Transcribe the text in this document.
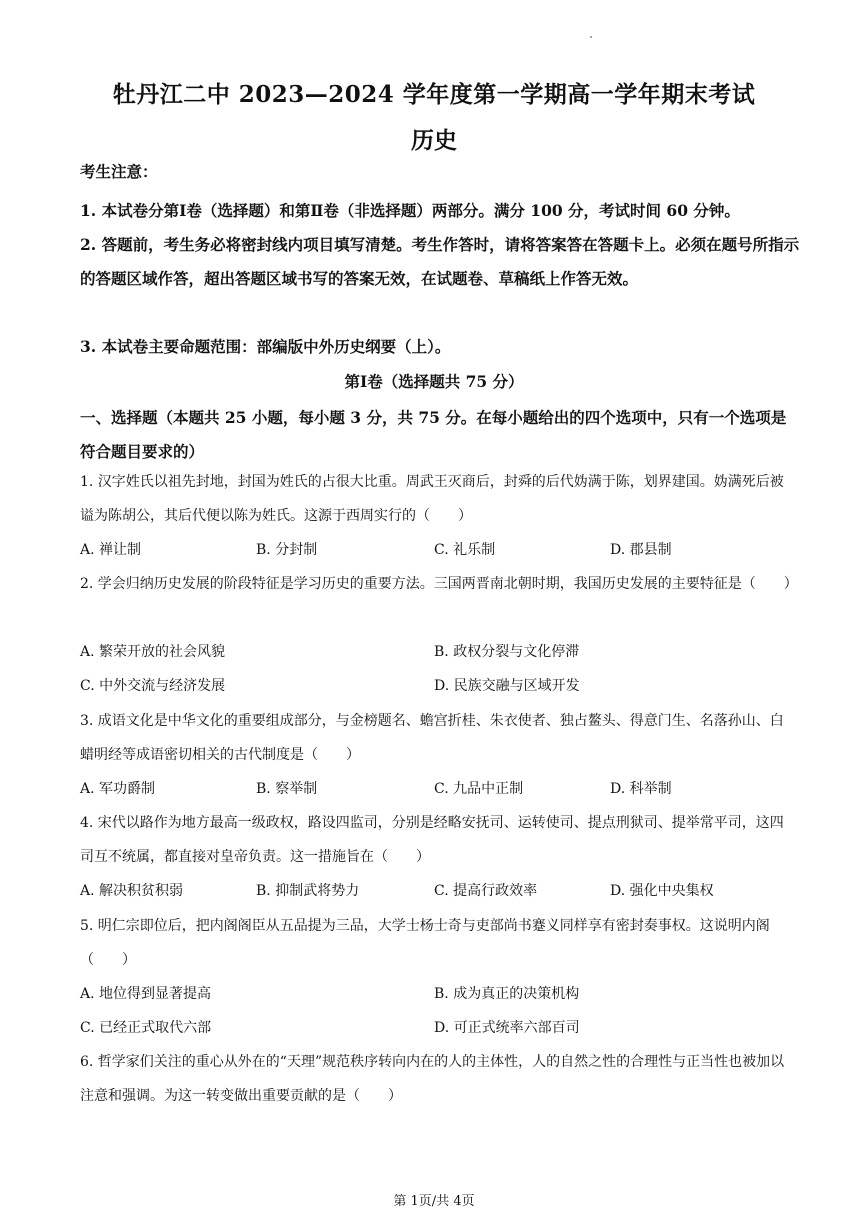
牡丹江二中 2023—2024 学年度第一学期高一学年期末考试
历史
考生注意：
1. 本试卷分第Ⅰ卷（选择题）和第Ⅱ卷（非选择题）两部分。满分 100 分，考试时间 60 分钟。
2. 答题前，考生务必将密封线内项目填写清楚。考生作答时，请将答案答在答题卡上。必须在题号所指示的答题区域作答，超出答题区域书写的答案无效，在试题卷、草稿纸上作答无效。
3. 本试卷主要命题范围：部编版中外历史纲要（上）。
第Ⅰ卷（选择题共 75 分）
一、选择题（本题共 25 小题，每小题 3 分，共 75 分。在每小题给出的四个选项中，只有一个选项是符合题目要求的）
1. 汉字姓氏以祖先封地，封国为姓氏的占很大比重。周武王灭商后，封舜的后代妫满于陈，划界建国。妫满死后被谥为陈胡公，其后代便以陈为姓氏。这源于西周实行的（　　）
A. 禅让制	B. 分封制	C. 礼乐制	D. 郡县制
2. 学会归纳历史发展的阶段特征是学习历史的重要方法。三国两晋南北朝时期，我国历史发展的主要特征是（　　）
A. 繁荣开放的社会风貌	B. 政权分裂与文化停滞
C. 中外交流与经济发展	D. 民族交融与区域开发
3. 成语文化是中华文化的重要组成部分，与金榜题名、蟾宫折桂、朱衣使者、独占鳌头、得意门生、名落孙山、白蜡明经等成语密切相关的古代制度是（　　）
A. 军功爵制	B. 察举制	C. 九品中正制	D. 科举制
4. 宋代以路作为地方最高一级政权，路设四监司，分别是经略安抚司、运转使司、提点刑狱司、提举常平司，这四司互不统属，都直接对皇帝负责。这一措施旨在（　　）
A. 解决积贫积弱	B. 抑制武将势力	C. 提高行政效率	D. 强化中央集权
5. 明仁宗即位后，把内阁阁臣从五品提为三品，大学士杨士奇与吏部尚书蹇义同样享有密封奏事权。这说明内阁（　　）
A. 地位得到显著提高	B. 成为真正的决策机构
C. 已经正式取代六部	D. 可正式统率六部百司
6. 哲学家们关注的重心从外在的“天理”规范秩序转向内在的人的主体性，人的自然之性的合理性与正当性也被加以注意和强调。为这一转变做出重要贡献的是（　　）
第 1页/共 4页
